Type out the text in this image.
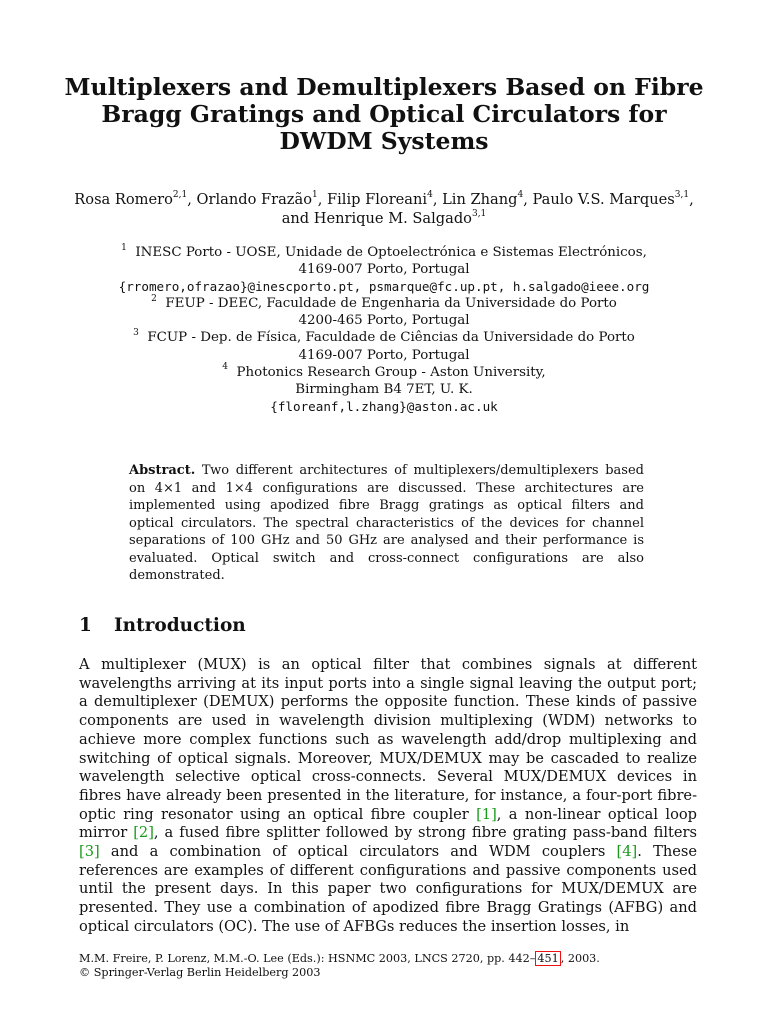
Multiplexers and Demultiplexers Based on Fibre Bragg Gratings and Optical Circulators for DWDM Systems
Rosa Romero$^{2,1}$, Orlando Frazão$^1$, Filip Floreani$^4$, Lin Zhang$^4$, Paulo V.S. Marques$^{3,1}$, and Henrique M. Salgado$^{3,1}$
$^1$ INESC Porto - UOSE, Unidade de Optoelectrónica e Sistemas Electrónicos,
4169-007 Porto, Portugal
{rromero,ofrazao}@inescporto.pt, psmarque@fc.up.pt, h.salgado@ieee.org
$^2$ FEUP - DEEC, Faculdade de Engenharia da Universidade do Porto
4200-465 Porto, Portugal
$^3$ FCUP - Dep. de Física, Faculdade de Ciências da Universidade do Porto
4169-007 Porto, Portugal
$^4$ Photonics Research Group - Aston University,
Birmingham B4 7ET, U. K.
{floreanf,l.zhang}@aston.ac.uk

Abstract. Two different architectures of multiplexers/demultiplexers based on 4×1 and 1×4 configurations are discussed. These architectures are implemented using apodized fibre Bragg gratings as optical filters and optical circulators. The spectral characteristics of the devices for channel separations of 100 GHz and 50 GHz are analysed and their performance is evaluated. Optical switch and cross-connect configurations are also demonstrated.

1 Introduction

A multiplexer (MUX) is an optical filter that combines signals at different wavelengths arriving at its input ports into a single signal leaving the output port; a demultiplexer (DEMUX) performs the opposite function. These kinds of passive components are used in wavelength division multiplexing (WDM) networks to achieve more complex functions such as wavelength add/drop multiplexing and switching of optical signals. Moreover, MUX/DEMUX may be cascaded to realize wavelength selective optical cross-connects. Several MUX/DEMUX devices in fibres have already been presented in the literature, for instance, a four-port fibre-optic ring resonator using an optical fibre coupler [1], a non-linear optical loop mirror [2], a fused fibre splitter followed by strong fibre grating pass-band filters [3] and a combination of optical circulators and WDM couplers [4]. These references are examples of different configurations and passive components used until the present days. In this paper two configurations for MUX/DEMUX are presented. They use a combination of apodized fibre Bragg Gratings (AFBG) and optical circulators (OC). The use of AFBGs reduces the insertion losses, in

M.M. Freire, P. Lorenz, M.M.-O. Lee (Eds.): HSNMC 2003, LNCS 2720, pp. 442– 451 , 2003.
© Springer-Verlag Berlin Heidelberg 2003
